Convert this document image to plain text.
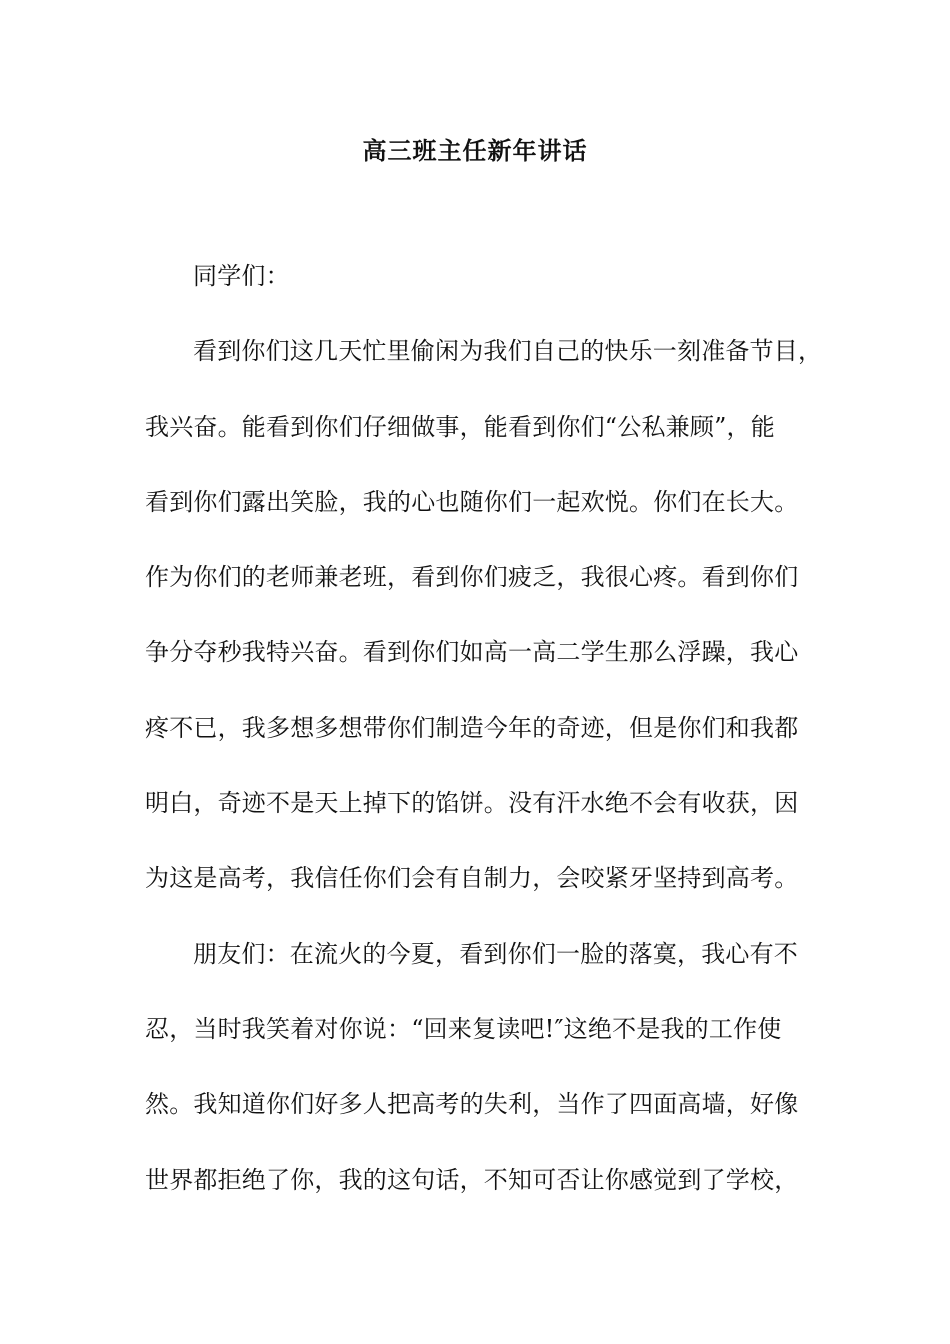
高三班主任新年讲话
同学们：
看到你们这几天忙里偷闲为我们自己的快乐一刻准备节目，
我兴奋。能看到你们仔细做事，能看到你们“公私兼顾”，能
看到你们露出笑脸，我的心也随你们一起欢悦。你们在长大。
作为你们的老师兼老班，看到你们疲乏，我很心疼。看到你们
争分夺秒我特兴奋。看到你们如高一高二学生那么浮躁，我心
疼不已，我多想多想带你们制造今年的奇迹，但是你们和我都
明白，奇迹不是天上掉下的馅饼。没有汗水绝不会有收获，因
为这是高考，我信任你们会有自制力，会咬紧牙坚持到高考。
朋友们：在流火的今夏，看到你们一脸的落寞，我心有不
忍，当时我笑着对你说：“回来复读吧!″这绝不是我的工作使
然。我知道你们好多人把高考的失利，当作了四面高墙，好像
世界都拒绝了你，我的这句话，不知可否让你感觉到了学校，
